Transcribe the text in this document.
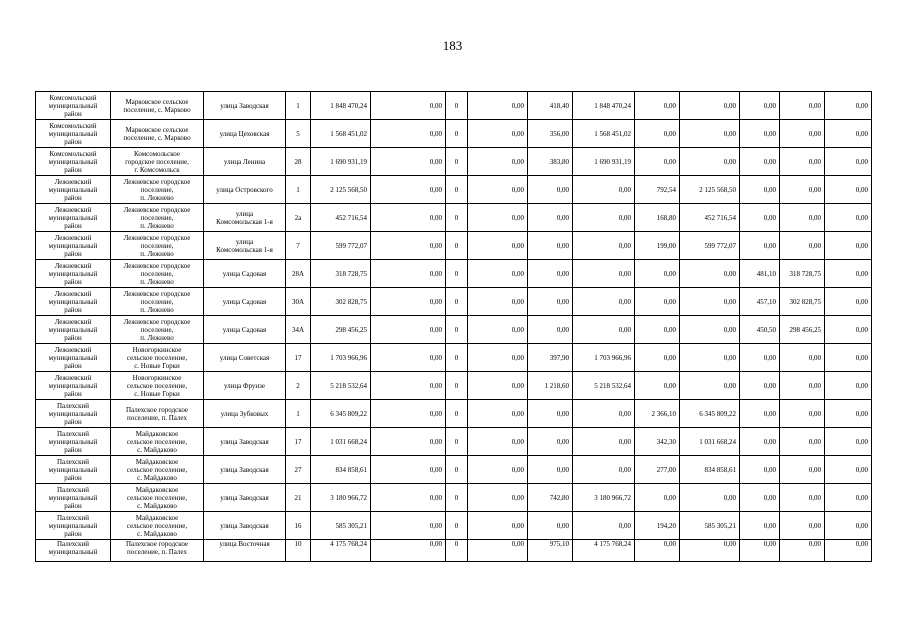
183
Комсомольский
муниципальный
район	Марковское сельское
поселение, с. Марково	улица Заводская	1	1 848 470,24	0,00	0	0,00	418,40	1 848 470,24	0,00	0,00	0,00	0,00	0,00

Комсомольский
муниципальный
район	Марковское сельское
поселение, с. Марково	улица Цеховская	5	1 568 451,02	0,00	0	0,00	356,00	1 568 451,02	0,00	0,00	0,00	0,00	0,00

Комсомольский
муниципальный
район	Комсомольское
городское поселение,
г. Комсомольск	улица Ленина	28	1 690 931,19	0,00	0	0,00	383,80	1 690 931,19	0,00	0,00	0,00	0,00	0,00

Лежневский
муниципальный
район	Лежневское городское
поселение,
п. Лежнево	улица Островского	1	2 125 568,50	0,00	0	0,00	0,00	0,00	792,54	2 125 568,50	0,00	0,00	0,00

Лежневский
муниципальный
район	Лежневское городское
поселение,
п. Лежнево	улица
Комсомольская 1-я	2а	452 716,54	0,00	0	0,00	0,00	0,00	168,80	452 716,54	0,00	0,00	0,00

Лежневский
муниципальный
район	Лежневское городское
поселение,
п. Лежнево	улица
Комсомольская 1-я	7	599 772,07	0,00	0	0,00	0,00	0,00	199,00	599 772,07	0,00	0,00	0,00

Лежневский
муниципальный
район	Лежневское городское
поселение,
п. Лежнево	улица Садовая	28А	318 728,75	0,00	0	0,00	0,00	0,00	0,00	0,00	481,10	318 728,75	0,00

Лежневский
муниципальный
район	Лежневское городское
поселение,
п. Лежнево	улица Садовая	30А	302 828,75	0,00	0	0,00	0,00	0,00	0,00	0,00	457,10	302 828,75	0,00

Лежневский
муниципальный
район	Лежневское городское
поселение,
п. Лежнево	улица Садовая	34А	298 456,25	0,00	0	0,00	0,00	0,00	0,00	0,00	450,50	298 456,25	0,00

Лежневский
муниципальный
район	Новогоркинское
сельское поселение,
с. Новые Горки	улица Советская	17	1 703 966,96	0,00	0	0,00	397,90	1 703 966,96	0,00	0,00	0,00	0,00	0,00

Лежневский
муниципальный
район	Новогоркинское
сельское поселение,
с. Новые Горки	улица Фрунзе	2	5 218 532,64	0,00	0	0,00	1 218,60	5 218 532,64	0,00	0,00	0,00	0,00	0,00

Палехский
муниципальный
район	Палехское городское
поселение, п. Палех	улица Зубковых	1	6 345 809,22	0,00	0	0,00	0,00	0,00	2 366,10	6 345 809,22	0,00	0,00	0,00

Палехский
муниципальный
район	Майдаковское
сельское поселение,
с. Майдаково	улица Заводская	17	1 031 668,24	0,00	0	0,00	0,00	0,00	342,30	1 031 668,24	0,00	0,00	0,00

Палехский
муниципальный
район	Майдаковское
сельское поселение,
с. Майдаково	улица Заводская	27	834 858,61	0,00	0	0,00	0,00	0,00	277,00	834 858,61	0,00	0,00	0,00

Палехский
муниципальный
район	Майдаковское
сельское поселение,
с. Майдаково	улица Заводская	21	3 180 966,72	0,00	0	0,00	742,80	3 180 966,72	0,00	0,00	0,00	0,00	0,00

Палехский
муниципальный
район	Майдаковское
сельское поселение,
с. Майдаково	улица Заводская	16	585 305,21	0,00	0	0,00	0,00	0,00	194,20	585 305,21	0,00	0,00	0,00

Палехский
муниципальный	Палехское городское
поселение, п. Палех	улица Восточная	10	4 175 768,24	0,00	0	0,00	975,10	4 175 768,24	0,00	0,00	0,00	0,00	0,00
